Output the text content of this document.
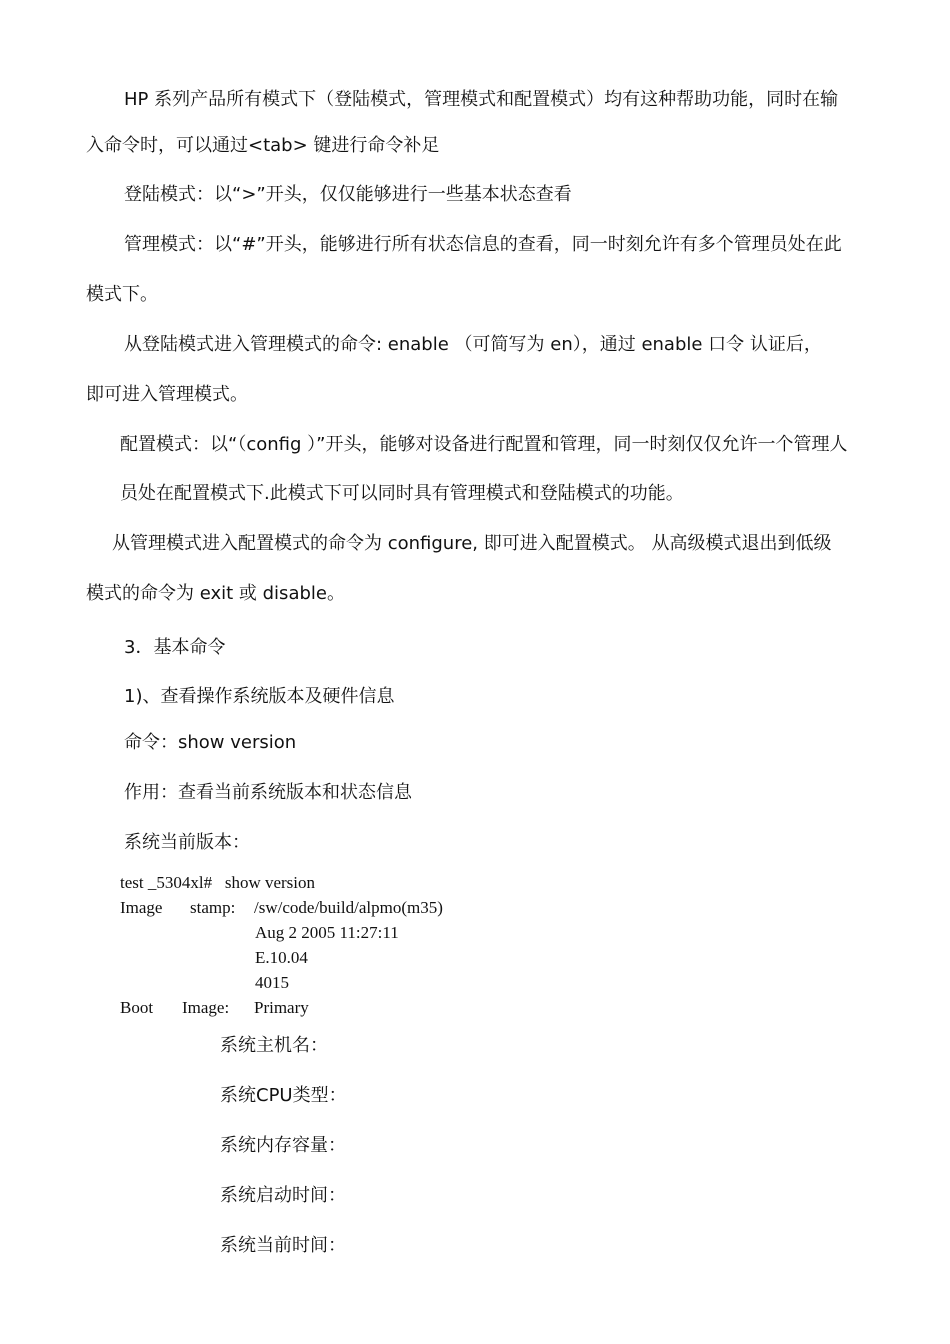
HP 系列产品所有模式下（登陆模式，管理模式和配置模式）均有这种帮助功能，同时在输
入命令时，可以通过<tab> 键进行命令补足
登陆模式：以“>”开头，仅仅能够进行一些基本状态查看
管理模式：以“#”开头，能够进行所有状态信息的查看，同一时刻允许有多个管理员处在此
模式下。
从登陆模式进入管理模式的命令: enable （可简写为 en），通过 enable 口令 认证后，
即可进入管理模式。
配置模式：以“（config ）”开头，能够对设备进行配置和管理，同一时刻仅仅允许一个管理人
员处在配置模式下.此模式下可以同时具有管理模式和登陆模式的功能。
从管理模式进入配置模式的命令为 configure, 即可进入配置模式。 从高级模式退出到低级
模式的命令为 exit 或 disable。
3．基本命令
1)、查看操作系统版本及硬件信息
命令：show version
作用：查看当前系统版本和状态信息
系统当前版本：
test _5304xl#   show version
Image stamp: /sw/code/build/alpmo(m35)
Aug 2 2005 11:27:11
E.10.04
4015
Boot Image: Primary
系统主机名：
系统CPU类型：
系统内存容量：
系统启动时间：
系统当前时间：
